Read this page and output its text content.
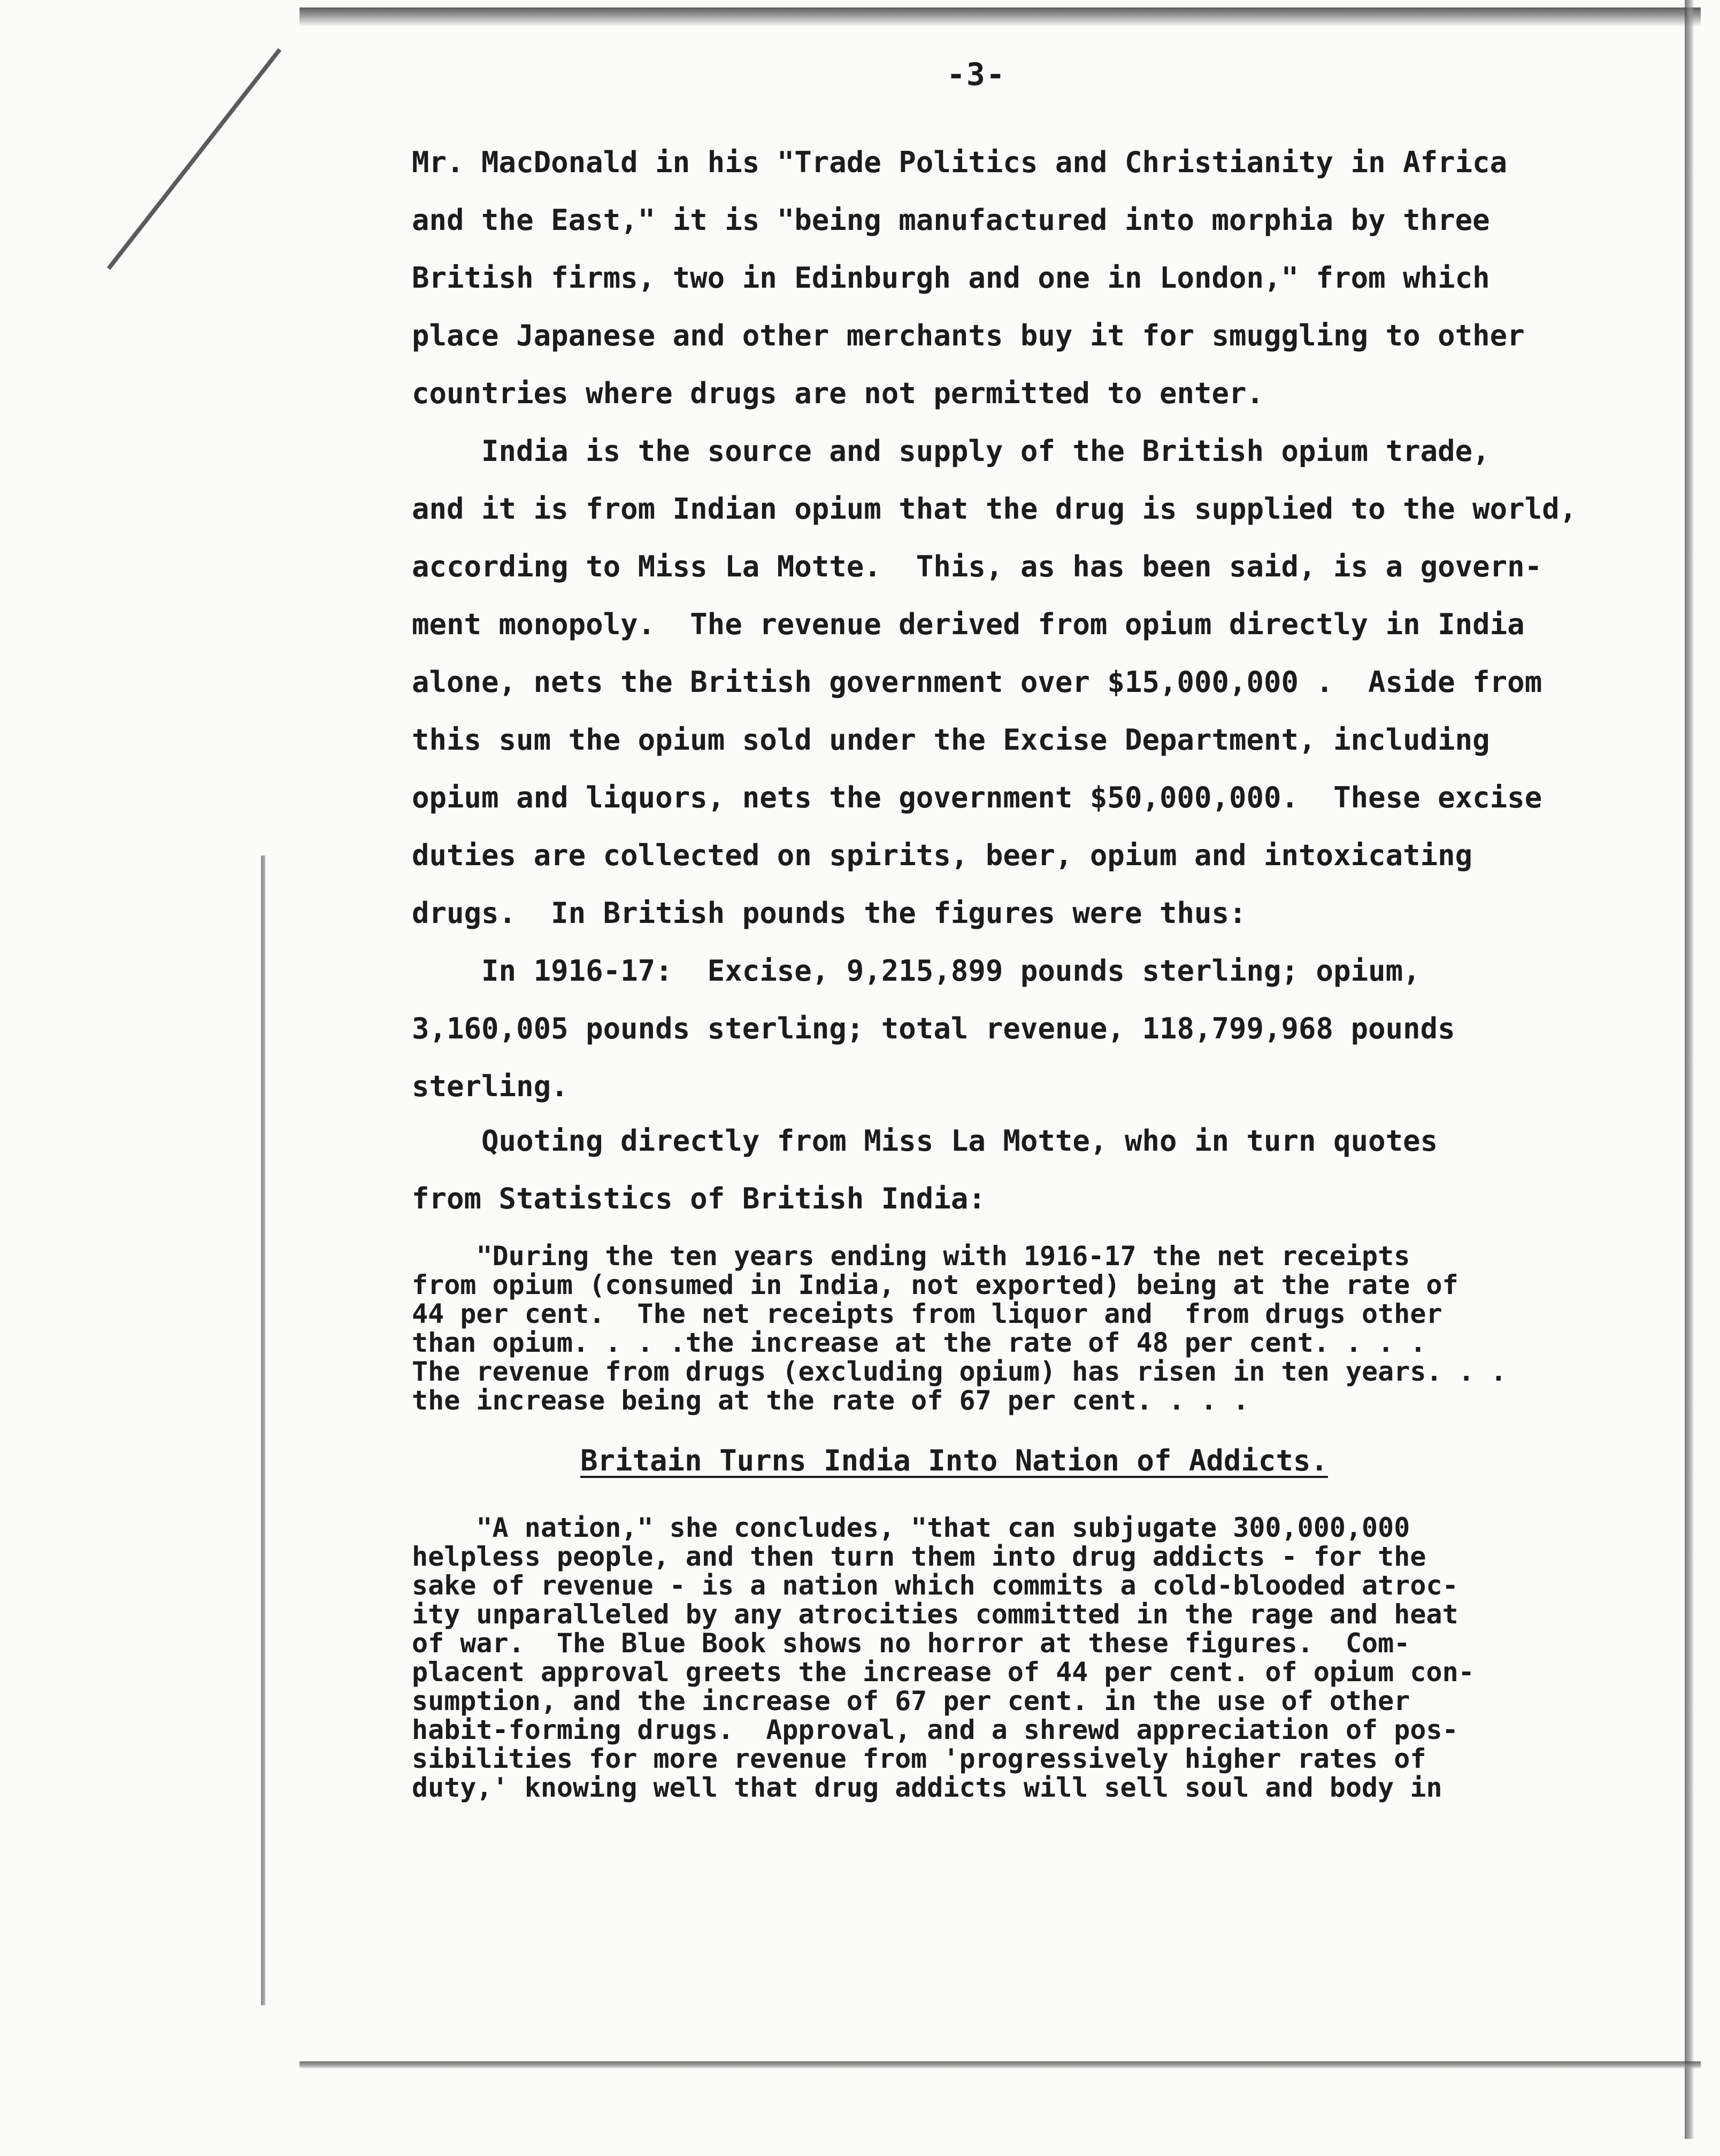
-3-
Mr. MacDonald in his "Trade Politics and Christianity in Africa
and the East," it is "being manufactured into morphia by three
British firms, two in Edinburgh and one in London," from which
place Japanese and other merchants buy it for smuggling to other
countries where drugs are not permitted to enter.
India is the source and supply of the British opium trade,
and it is from Indian opium that the drug is supplied to the world,
according to Miss La Motte.  This, as has been said, is a govern-
ment monopoly.  The revenue derived from opium directly in India
alone, nets the British government over $15,000,000 .  Aside from
this sum the opium sold under the Excise Department, including
opium and liquors, nets the government $50,000,000.  These excise
duties are collected on spirits, beer, opium and intoxicating
drugs.  In British pounds the figures were thus:
In 1916-17:  Excise, 9,215,899 pounds sterling; opium,
3,160,005 pounds sterling; total revenue, 118,799,968 pounds
sterling.
Quoting directly from Miss La Motte, who in turn quotes
from Statistics of British India:
"During the ten years ending with 1916-17 the net receipts
from opium (consumed in India, not exported) being at the rate of
44 per cent.  The net receipts from liquor and  from drugs other
than opium. . . .the increase at the rate of 48 per cent. . . .
The revenue from drugs (excluding opium) has risen in ten years. . .
the increase being at the rate of 67 per cent. . . .
Britain Turns India Into Nation of Addicts.
"A nation," she concludes, "that can subjugate 300,000,000
helpless people, and then turn them into drug addicts - for the
sake of revenue - is a nation which commits a cold-blooded atroc-
ity unparalleled by any atrocities committed in the rage and heat
of war.  The Blue Book shows no horror at these figures.  Com-
placent approval greets the increase of 44 per cent. of opium con-
sumption, and the increase of 67 per cent. in the use of other
habit-forming drugs.  Approval, and a shrewd appreciation of pos-
sibilities for more revenue from 'progressively higher rates of
duty,' knowing well that drug addicts will sell soul and body in
